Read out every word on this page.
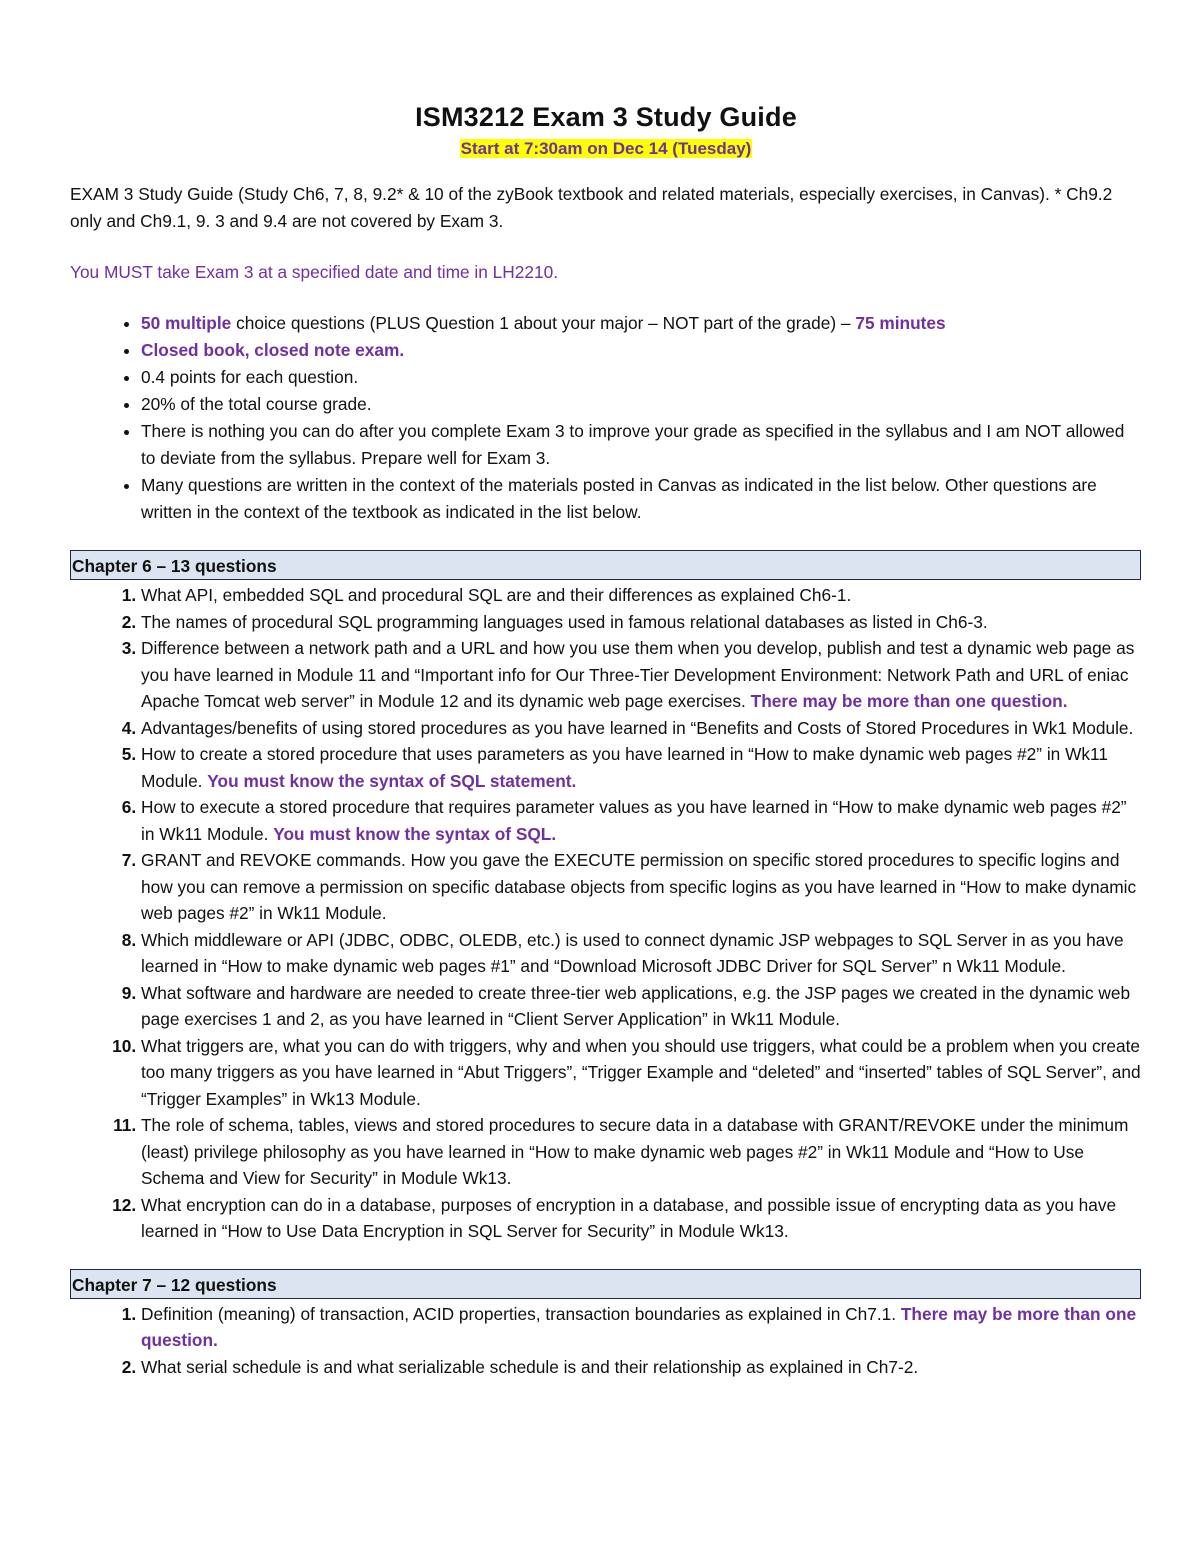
ISM3212 Exam 3 Study Guide
Start at 7:30am on Dec 14 (Tuesday)
EXAM 3 Study Guide (Study Ch6, 7, 8, 9.2* & 10 of the zyBook textbook and related materials, especially exercises, in Canvas). * Ch9.2 only and Ch9.1, 9. 3 and 9.4 are not covered by Exam 3.
You MUST take Exam 3 at a specified date and time in LH2210.
• 50 multiple choice questions (PLUS Question 1 about your major – NOT part of the grade) – 75 minutes
• Closed book, closed note exam.
• 0.4 points for each question.
• 20% of the total course grade.
• There is nothing you can do after you complete Exam 3 to improve your grade as specified in the syllabus and I am NOT allowed to deviate from the syllabus. Prepare well for Exam 3.
• Many questions are written in the context of the materials posted in Canvas as indicated in the list below. Other questions are written in the context of the textbook as indicated in the list below.
Chapter 6 – 13 questions
1. What API, embedded SQL and procedural SQL are and their differences as explained Ch6-1.
2. The names of procedural SQL programming languages used in famous relational databases as listed in Ch6-3.
3. Difference between a network path and a URL and how you use them when you develop, publish and test a dynamic web page as you have learned in Module 11 and “Important info for Our Three-Tier Development Environment: Network Path and URL of eniac Apache Tomcat web server” in Module 12 and its dynamic web page exercises. There may be more than one question.
4. Advantages/benefits of using stored procedures as you have learned in “Benefits and Costs of Stored Procedures in Wk1 Module.
5. How to create a stored procedure that uses parameters as you have learned in “How to make dynamic web pages #2” in Wk11 Module. You must know the syntax of SQL statement.
6. How to execute a stored procedure that requires parameter values as you have learned in “How to make dynamic web pages #2” in Wk11 Module. You must know the syntax of SQL.
7. GRANT and REVOKE commands. How you gave the EXECUTE permission on specific stored procedures to specific logins and how you can remove a permission on specific database objects from specific logins as you have learned in “How to make dynamic web pages #2” in Wk11 Module.
8. Which middleware or API (JDBC, ODBC, OLEDB, etc.) is used to connect dynamic JSP webpages to SQL Server in as you have learned in “How to make dynamic web pages #1” and “Download Microsoft JDBC Driver for SQL Server” n Wk11 Module.
9. What software and hardware are needed to create three-tier web applications, e.g. the JSP pages we created in the dynamic web page exercises 1 and 2, as you have learned in “Client Server Application” in Wk11 Module.
10. What triggers are, what you can do with triggers, why and when you should use triggers, what could be a problem when you create too many triggers as you have learned in “Abut Triggers”, “Trigger Example and “deleted” and “inserted” tables of SQL Server”, and “Trigger Examples” in Wk13 Module.
11. The role of schema, tables, views and stored procedures to secure data in a database with GRANT/REVOKE under the minimum (least) privilege philosophy as you have learned in “How to make dynamic web pages #2” in Wk11 Module and “How to Use Schema and View for Security” in Module Wk13.
12. What encryption can do in a database, purposes of encryption in a database, and possible issue of encrypting data as you have learned in “How to Use Data Encryption in SQL Server for Security” in Module Wk13.
Chapter 7 – 12 questions
1. Definition (meaning) of transaction, ACID properties, transaction boundaries as explained in Ch7.1. There may be more than one question.
2. What serial schedule is and what serializable schedule is and their relationship as explained in Ch7-2.
